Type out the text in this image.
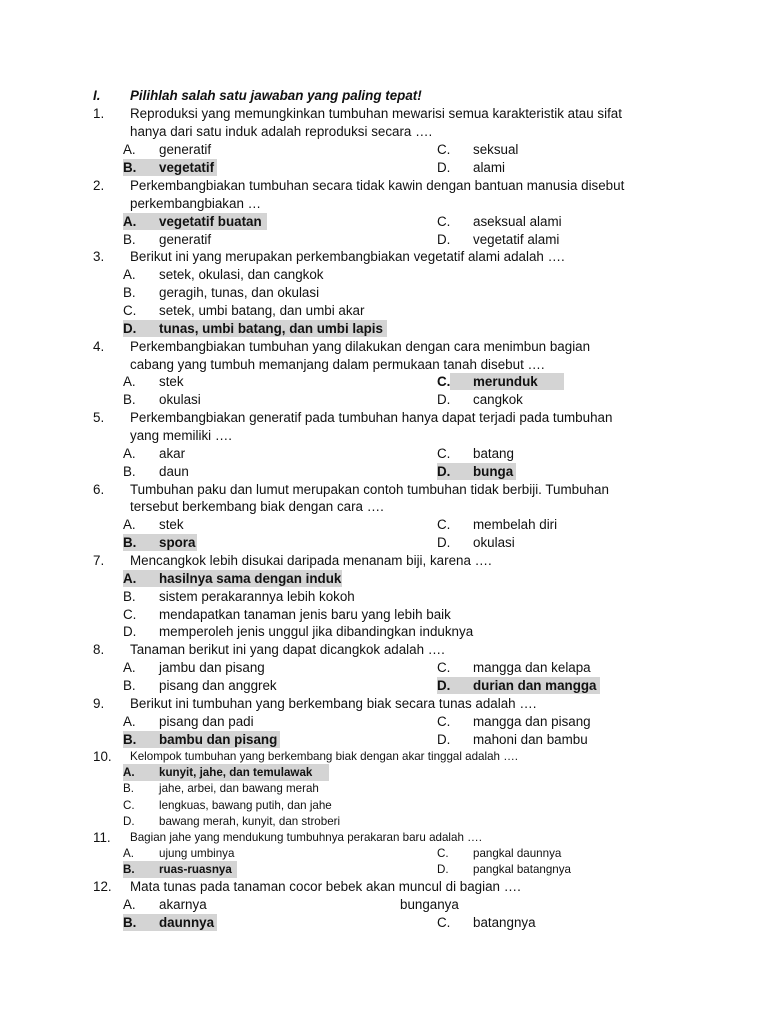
I. Pilihlah salah satu jawaban yang paling tepat!
1. Reproduksi yang memungkinkan tumbuhan mewarisi semua karakteristik atau sifat
hanya dari satu induk adalah reproduksi secara ….
A. generatif
B.	vegetatif
C. seksual
D. alami
2. Perkembangbiakan tumbuhan secara tidak kawin dengan bantuan manusia disebut
perkembangbiakan …
A.	vegetatif buatan
B. generatif
C. aseksual alami
D. vegetatif alami
3. Berikut ini yang merupakan perkembangbiakan vegetatif alami adalah ….
A. setek, okulasi, dan cangkok
B. geragih, tunas, dan okulasi
C. setek, umbi batang, dan umbi akar
D.	tunas, umbi batang, dan umbi lapis
4. Perkembangbiakan tumbuhan yang dilakukan dengan cara menimbun bagian
cabang yang tumbuh memanjang dalam permukaan tanah disebut ….
A. stek
B. okulasi
C.	merunduk
D. cangkok
5. Perkembangbiakan generatif pada tumbuhan hanya dapat terjadi pada tumbuhan
yang memiliki ….
A. akar
B. daun
C. batang
D.	bunga
6. Tumbuhan paku dan lumut merupakan contoh tumbuhan tidak berbiji. Tumbuhan
tersebut berkembang biak dengan cara ….
A. stek
B.	spora
C. membelah diri
D. okulasi
7. Mencangkok lebih disukai daripada menanam biji, karena ….
A.	hasilnya sama dengan induk
B. sistem perakarannya lebih kokoh
C. mendapatkan tanaman jenis baru yang lebih baik
D. memperoleh jenis unggul jika dibandingkan induknya
8. Tanaman berikut ini yang dapat dicangkok adalah ….
A. jambu dan pisang
B. pisang dan anggrek
C. mangga dan kelapa
D.	durian dan mangga
9. Berikut ini tumbuhan yang berkembang biak secara tunas adalah ….
A. pisang dan padi
B.	bambu dan pisang
C. mangga dan pisang
D. mahoni dan bambu
10. Kelompok tumbuhan yang berkembang biak dengan akar tinggal adalah ….
A.	kunyit, jahe, dan temulawak
B. jahe, arbei, dan bawang merah
C. lengkuas, bawang putih, dan jahe
D. bawang merah, kunyit, dan stroberi
11. Bagian jahe yang mendukung tumbuhnya perakaran baru adalah ….
A. ujung umbinya
B.	ruas-ruasnya
C. pangkal daunnya
D. pangkal batangnya
12. Mata tunas pada tanaman cocor bebek akan muncul di bagian ….
A. akarnya	bunganya
B.	daunnya	C. batangnya
